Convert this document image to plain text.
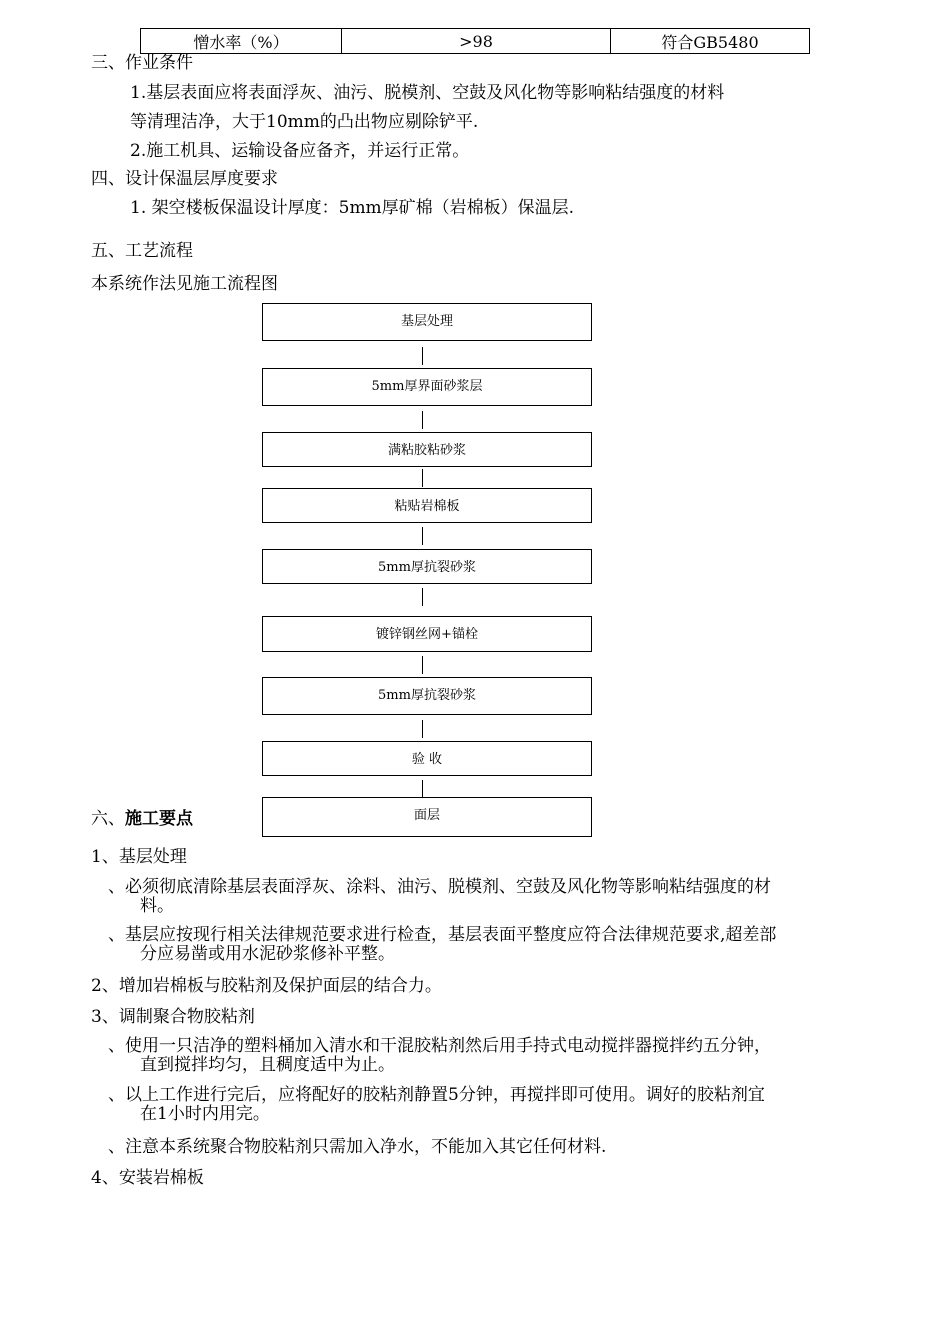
憎水率（%）	>98	符合GB5480
三、作业条件
1.基层表面应将表面浮灰、油污、脱模剂、空鼓及风化物等影响粘结强度的材料
等清理洁净，大于10mm的凸出物应剔除铲平.
2.施工机具、运输设备应备齐，并运行正常。
四、设计保温层厚度要求
1. 架空楼板保温设计厚度：5mm厚矿棉（岩棉板）保温层.
五、工艺流程
本系统作法见施工流程图
基层处理
5mm厚界面砂浆层
满粘胶粘砂浆
粘贴岩棉板
5mm厚抗裂砂浆
镀锌钢丝网+锚栓
5mm厚抗裂砂浆
验 收
面层
六、施工要点
1、基层处理
、必须彻底清除基层表面浮灰、涂料、油污、脱模剂、空鼓及风化物等影响粘结强度的材
料。
、基层应按现行相关法律规范要求进行检查，基层表面平整度应符合法律规范要求,超差部
分应易凿或用水泥砂浆修补平整。
2、增加岩棉板与胶粘剂及保护面层的结合力。
3、调制聚合物胶粘剂
、使用一只洁净的塑料桶加入清水和干混胶粘剂然后用手持式电动搅拌器搅拌约五分钟，
直到搅拌均匀，且稠度适中为止。
、以上工作进行完后，应将配好的胶粘剂静置5分钟，再搅拌即可使用。调好的胶粘剂宜
在1小时内用完。
、注意本系统聚合物胶粘剂只需加入净水，不能加入其它任何材料.
4、安装岩棉板
